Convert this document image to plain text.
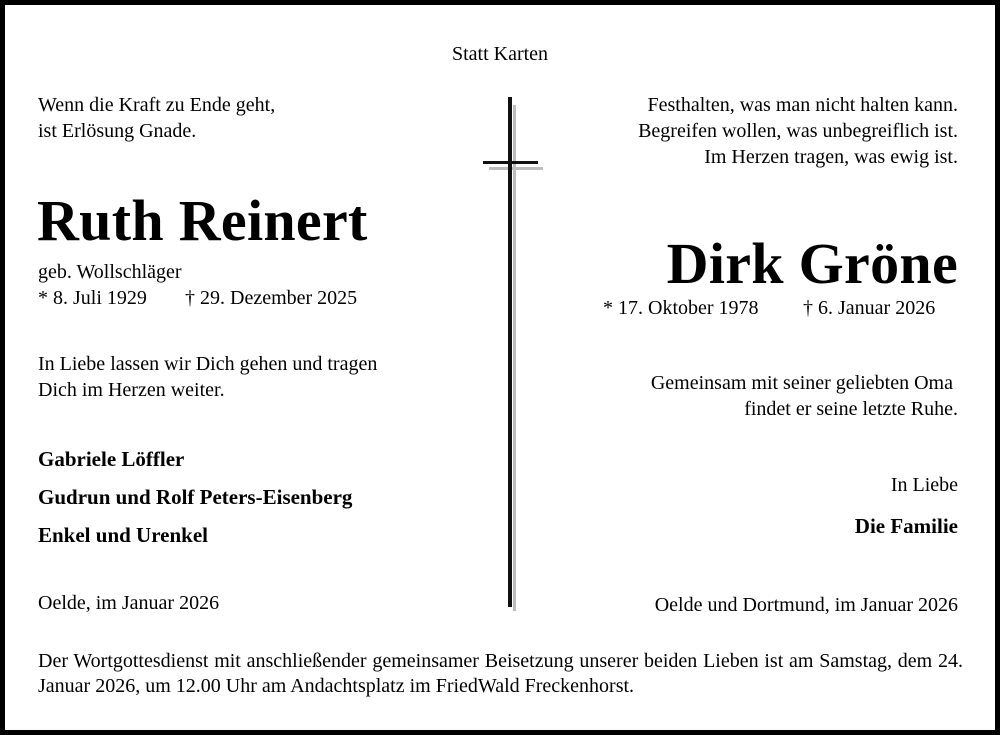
Statt Karten
Wenn die Kraft zu Ende geht,
ist Erlösung Gnade.
Ruth Reinert
geb. Wollschläger
* 8. Juli 1929 † 29. Dezember 2025
In Liebe lassen wir Dich gehen und tragen
Dich im Herzen weiter.
Gabriele Löffler
Gudrun und Rolf Peters-Eisenberg
Enkel und Urenkel
Oelde, im Januar 2026
Festhalten, was man nicht halten kann.
Begreifen wollen, was unbegreiflich ist.
Im Herzen tragen, was ewig ist.
Dirk Gröne
* 17. Oktober 1978 † 6. Januar 2026
Gemeinsam mit seiner geliebten Oma
findet er seine letzte Ruhe.
In Liebe
Die Familie
Oelde und Dortmund, im Januar 2026
Der Wortgottesdienst mit anschließender gemeinsamer Beisetzung unserer beiden Lieben ist am Samstag, dem 24. Januar 2026, um 12.00 Uhr am Andachtsplatz im FriedWald Freckenhorst.
